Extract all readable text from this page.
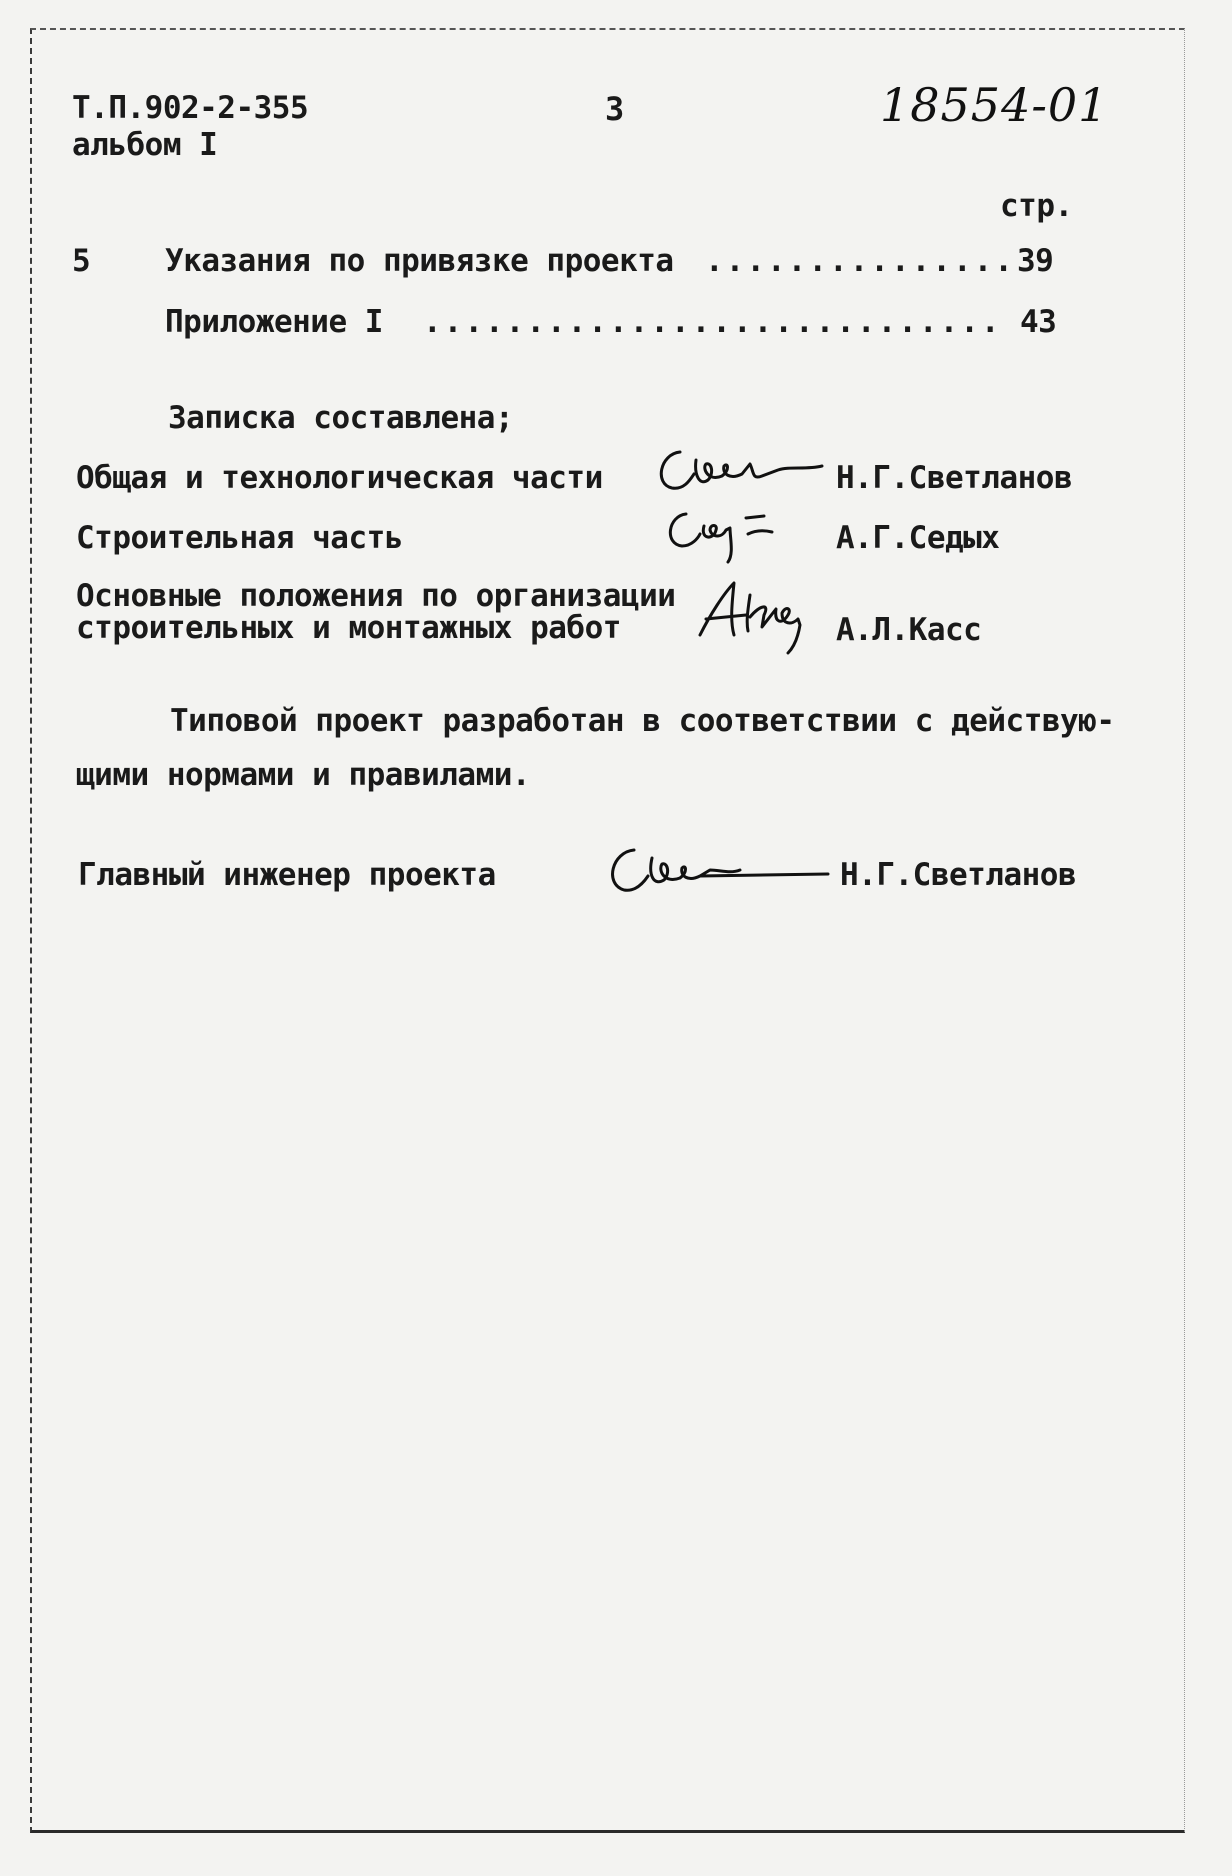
Т.П.902-2-355
альбом I
3	18554-01
стр.
5 Указания по привязке проекта ............... 39
Приложение I ............................ 43
Записка составлена;
Общая и технологическая части	Н.Г.Светланов
Строительная часть	А.Г.Седых
Основные положения по организации
строительных и монтажных работ	А.Л.Касс
Типовой проект разработан в соответствии с действую-
щими нормами и правилами.
Главный инженер проекта	Н.Г.Светланов
